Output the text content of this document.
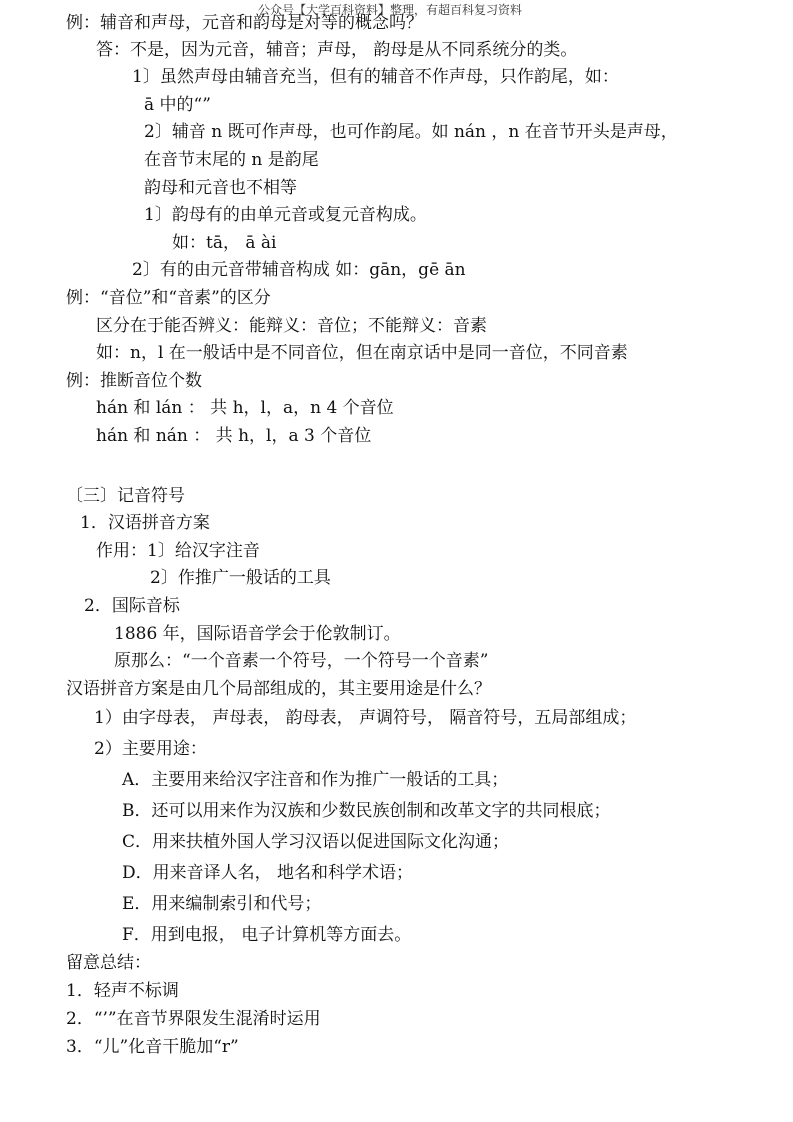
公众号【大学百科资料】整理，有超百科复习资料
例：辅音和声母，元音和韵母是对等的概念吗？
答：不是，因为元音，辅音；声母， 韵母是从不同系统分的类。
1〕虽然声母由辅音充当，但有的辅音不作声母，只作韵尾，如：
ā 中的“”
2〕辅音 n 既可作声母，也可作韵尾。如 nán ，n 在音节开头是声母，
在音节末尾的 n 是韵尾
韵母和元音也不相等
1〕韵母有的由单元音或复元音构成。
如：tā， ā ài
2〕有的由元音带辅音构成 如：gān，gē ān
例：“音位”和“音素”的区分
区分在于能否辨义：能辩义：音位；不能辩义：音素
如：n，l 在一般话中是不同音位，但在南京话中是同一音位，不同音素
例：推断音位个数
hán 和 lán ： 共 h，l，a，n 4 个音位
hán 和 nán ： 共 h，l，a 3 个音位
〔三〕记音符号
1．汉语拼音方案
作用：1〕给汉字注音
2〕作推广一般话的工具
2．国际音标
1886 年，国际语音学会于伦敦制订。
原那么：“一个音素一个符号，一个符号一个音素”
汉语拼音方案是由几个局部组成的，其主要用途是什么？
1）由字母表， 声母表， 韵母表， 声调符号， 隔音符号，五局部组成；
2）主要用途：
A．主要用来给汉字注音和作为推广一般话的工具；
B．还可以用来作为汉族和少数民族创制和改革文字的共同根底；
C．用来扶植外国人学习汉语以促进国际文化沟通；
D．用来音译人名， 地名和科学术语；
E．用来编制索引和代号；
F．用到电报， 电子计算机等方面去。
留意总结：
1．轻声不标调
2．“’”在音节界限发生混淆时运用
3．“儿”化音干脆加“r”
